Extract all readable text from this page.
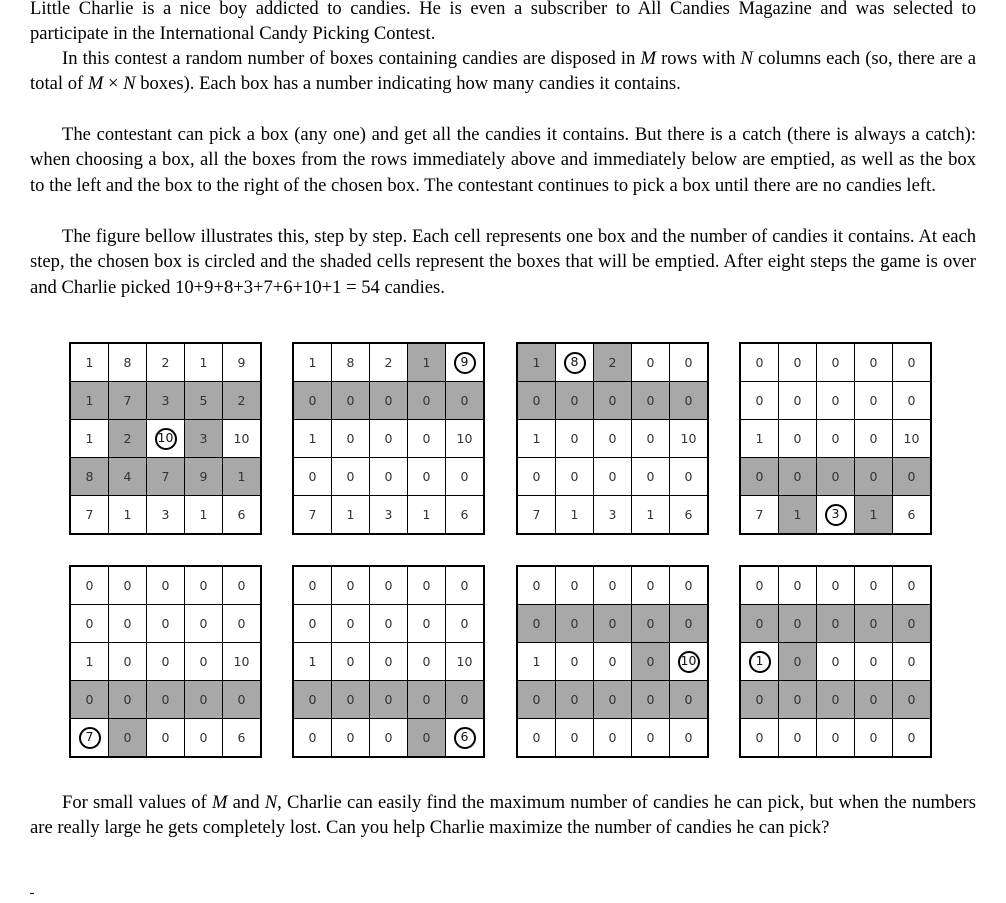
Little Charlie is a nice boy addicted to candies. He is even a subscriber to All Candies Magazine and was selected to participate in the International Candy Picking Contest.

In this contest a random number of boxes containing candies are disposed in M rows with N columns each (so, there are a total of M × N boxes). Each box has a number indicating how many candies it contains.

The contestant can pick a box (any one) and get all the candies it contains. But there is a catch (there is always a catch): when choosing a box, all the boxes from the rows immediately above and immediately below are emptied, as well as the box to the left and the box to the right of the chosen box. The contestant continues to pick a box until there are no candies left.

The figure bellow illustrates this, step by step. Each cell represents one box and the number of candies it contains. At each step, the chosen box is circled and the shaded cells represent the boxes that will be emptied. After eight steps the game is over and Charlie picked 10+9+8+3+7+6+10+1 = 54 candies.

1	8	2	1	9
1	7	3	5	2
1	2	10	3	10
8	4	7	9	1
7	1	3	1	6
1	8	2	1	9
0	0	0	0	0
1	0	0	0	10
0	0	0	0	0
7	1	3	1	6
1	8	2	0	0
0	0	0	0	0
1	0	0	0	10
0	0	0	0	0
7	1	3	1	6
0	0	0	0	0
0	0	0	0	0
1	0	0	0	10
0	0	0	0	0
7	1	3	1	6
0	0	0	0	0
0	0	0	0	0
1	0	0	0	10
0	0	0	0	0
7	0	0	0	6
0	0	0	0	0
0	0	0	0	0
1	0	0	0	10
0	0	0	0	0
0	0	0	0	6
0	0	0	0	0
0	0	0	0	0
1	0	0	0	10
0	0	0	0	0
0	0	0	0	0
0	0	0	0	0
0	0	0	0	0
1	0	0	0	0
0	0	0	0	0
0	0	0	0	0

For small values of M and N, Charlie can easily find the maximum number of candies he can pick, but when the numbers are really large he gets completely lost. Can you help Charlie maximize the number of candies he can pick?
